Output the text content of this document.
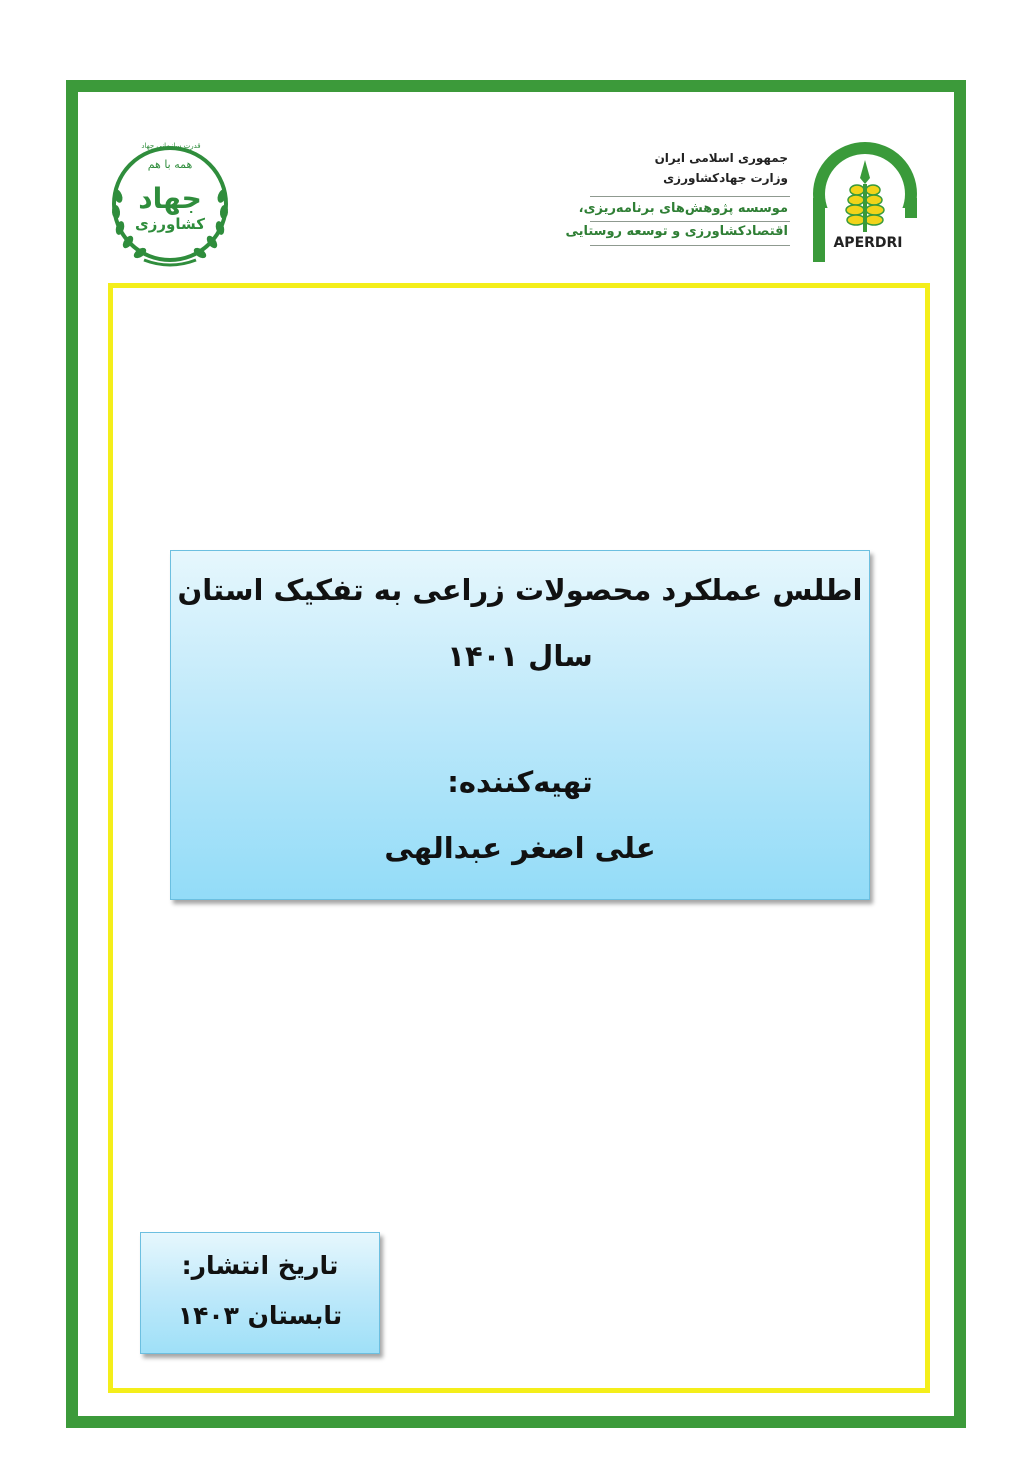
APERDRI
جمهوری اسلامی ایران
وزارت جهادکشاورزی
موسسه پژوهش‌های برنامه‌ریزی،
اقتصادکشاورزی و توسعه روستایی
قدرت سازمانی جهاد
همه با هم
جهاد
کشاورزی
اطلس عملکرد محصولات زراعی به تفکیک استان
سال ۱۴۰۱
تهیه‌کننده:
علی اصغر عبدالهی
تاریخ انتشار:
تابستان ۱۴۰۳
